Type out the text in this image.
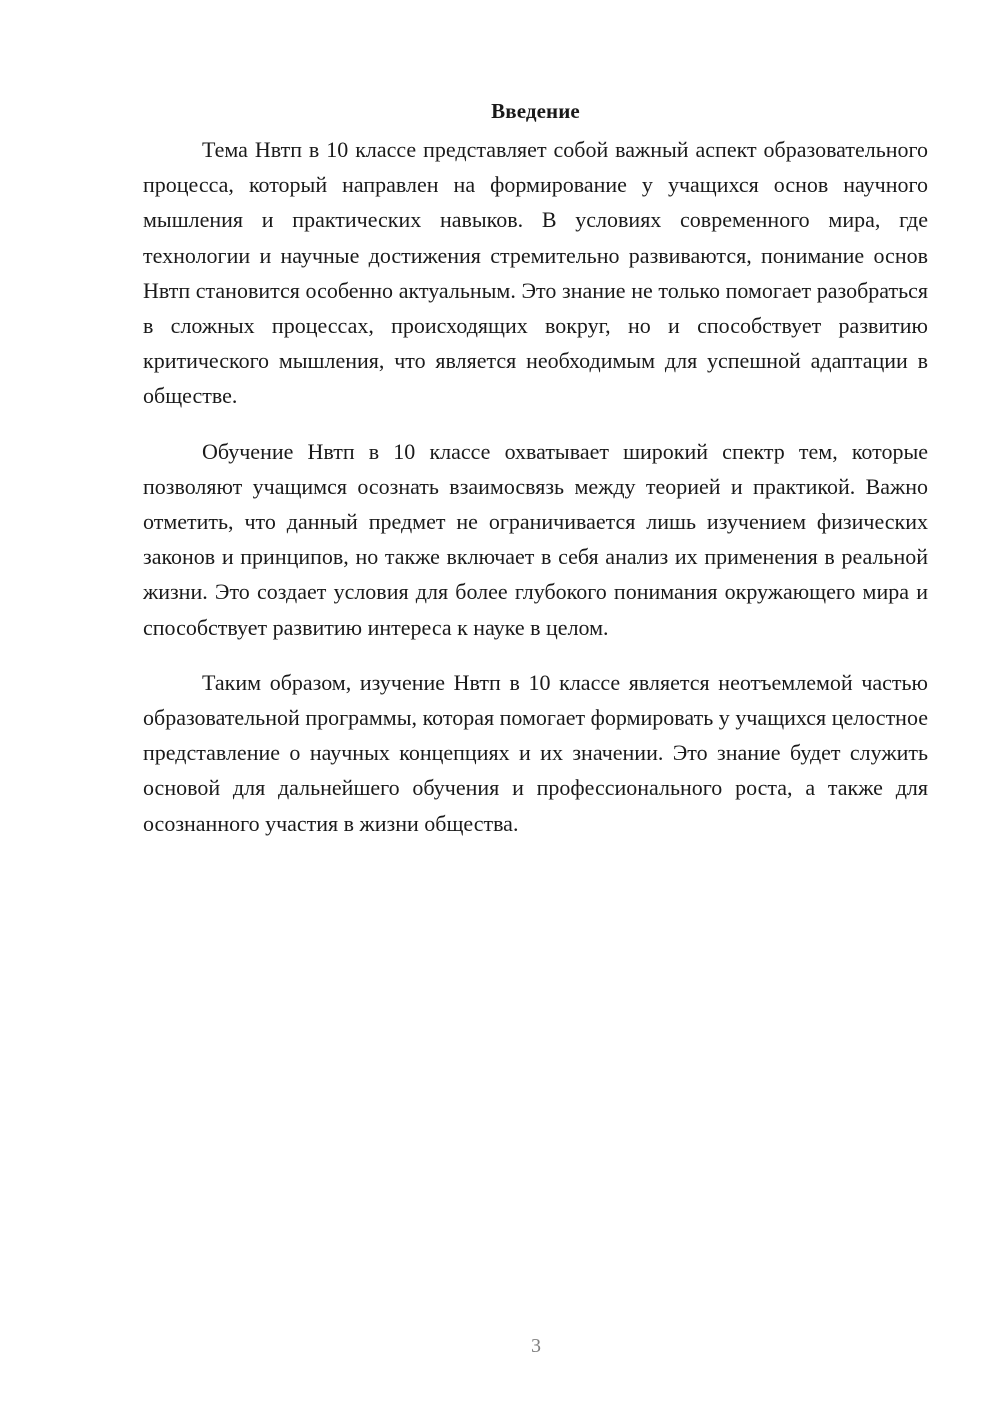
Введение

Тема Нвтп в 10 классе представляет собой важный аспект образовательного процесса, который направлен на формирование у учащихся основ научного мышления и практических навыков. В условиях современного мира, где технологии и научные достижения стремительно развиваются, понимание основ Нвтп становится особенно актуальным. Это знание не только помогает разобраться в сложных процессах, происходящих вокруг, но и способствует развитию критического мышления, что является необходимым для успешной адаптации в обществе.

Обучение Нвтп в 10 классе охватывает широкий спектр тем, которые позволяют учащимся осознать взаимосвязь между теорией и практикой. Важно отметить, что данный предмет не ограничивается лишь изучением физических законов и принципов, но также включает в себя анализ их применения в реальной жизни. Это создает условия для более глубокого понимания окружающего мира и способствует развитию интереса к науке в целом.

Таким образом, изучение Нвтп в 10 классе является неотъемлемой частью образовательной программы, которая помогает формировать у учащихся целостное представление о научных концепциях и их значении. Это знание будет служить основой для дальнейшего обучения и профессионального роста, а также для осознанного участия в жизни общества.

3
